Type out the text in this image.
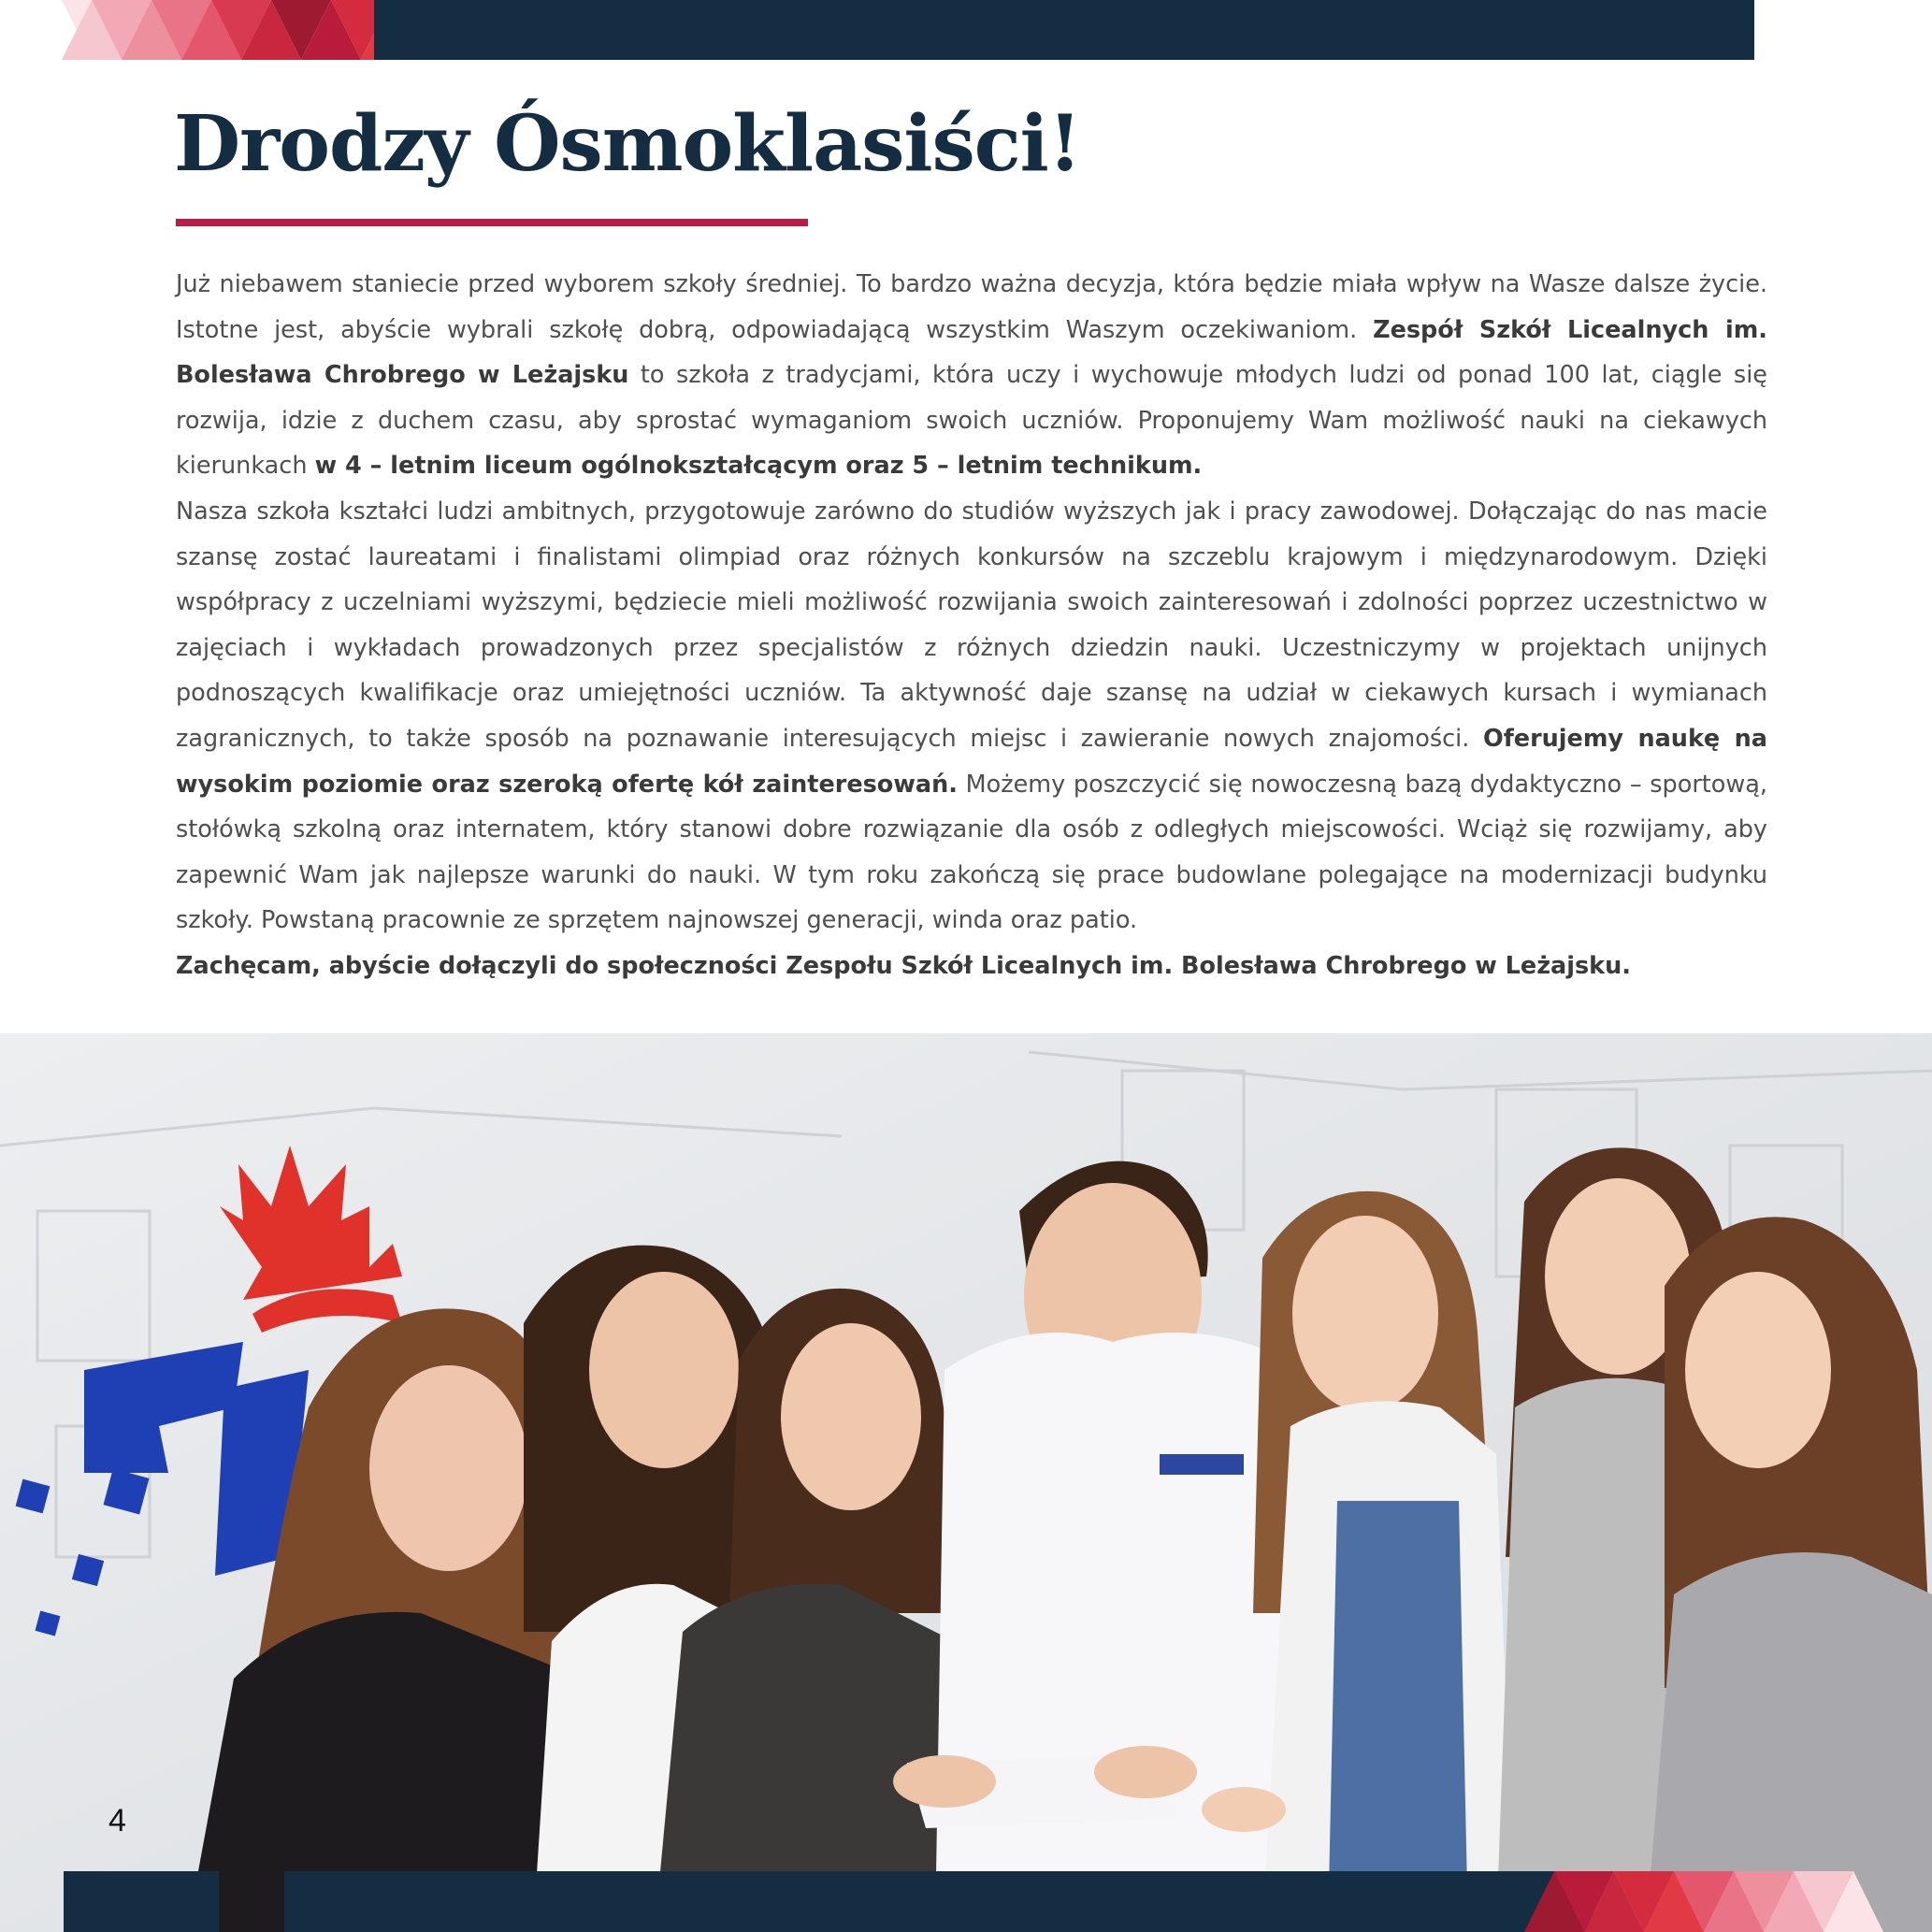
Drodzy Ósmoklasiści!

Już niebawem staniecie przed wyborem szkoły średniej. To bardzo ważna decyzja, która będzie miała wpływ na Wasze dalsze życie. Istotne jest, abyście wybrali szkołę dobrą, odpowiadającą wszystkim Waszym oczekiwaniom. Zespół Szkół Licealnych im. Bolesława Chrobrego w Leżajsku to szkoła z tradycjami, która uczy i wychowuje młodych ludzi od ponad 100 lat, ciągle się rozwija, idzie z duchem czasu, aby sprostać wymaganiom swoich uczniów. Proponujemy Wam możliwość nauki na ciekawych kierunkach w 4 – letnim liceum ogólnokształcącym oraz 5 – letnim technikum.

Nasza szkoła kształci ludzi ambitnych, przygotowuje zarówno do studiów wyższych jak i pracy zawodowej. Dołączając do nas macie szansę zostać laureatami i finalistami olimpiad oraz różnych konkursów na szczeblu krajowym i międzynarodowym. Dzięki współpracy z uczelniami wyższymi, będziecie mieli możliwość rozwijania swoich zainteresowań i zdolności poprzez uczestnictwo w zajęciach i wykładach prowadzonych przez specjalistów z różnych dziedzin nauki. Uczestniczymy w projektach unijnych podnoszących kwalifikacje oraz umiejętności uczniów. Ta aktywność daje szansę na udział w ciekawych kursach i wymianach zagranicznych, to także sposób na poznawanie interesujących miejsc i zawieranie nowych znajomości. Oferujemy naukę na wysokim poziomie oraz szeroką ofertę kół zainteresowań. Możemy poszczycić się nowoczesną bazą dydaktyczno – sportową, stołówką szkolną oraz internatem, który stanowi dobre rozwiązanie dla osób z odległych miejscowości. Wciąż się rozwijamy, aby zapewnić Wam jak najlepsze warunki do nauki. W tym roku zakończą się prace budowlane polegające na modernizacji budynku szkoły. Powstaną pracownie ze sprzętem najnowszej generacji, winda oraz patio.

Zachęcam, abyście dołączyli do społeczności Zespołu Szkół Licealnych im. Bolesława Chrobrego w Leżajsku.

4
